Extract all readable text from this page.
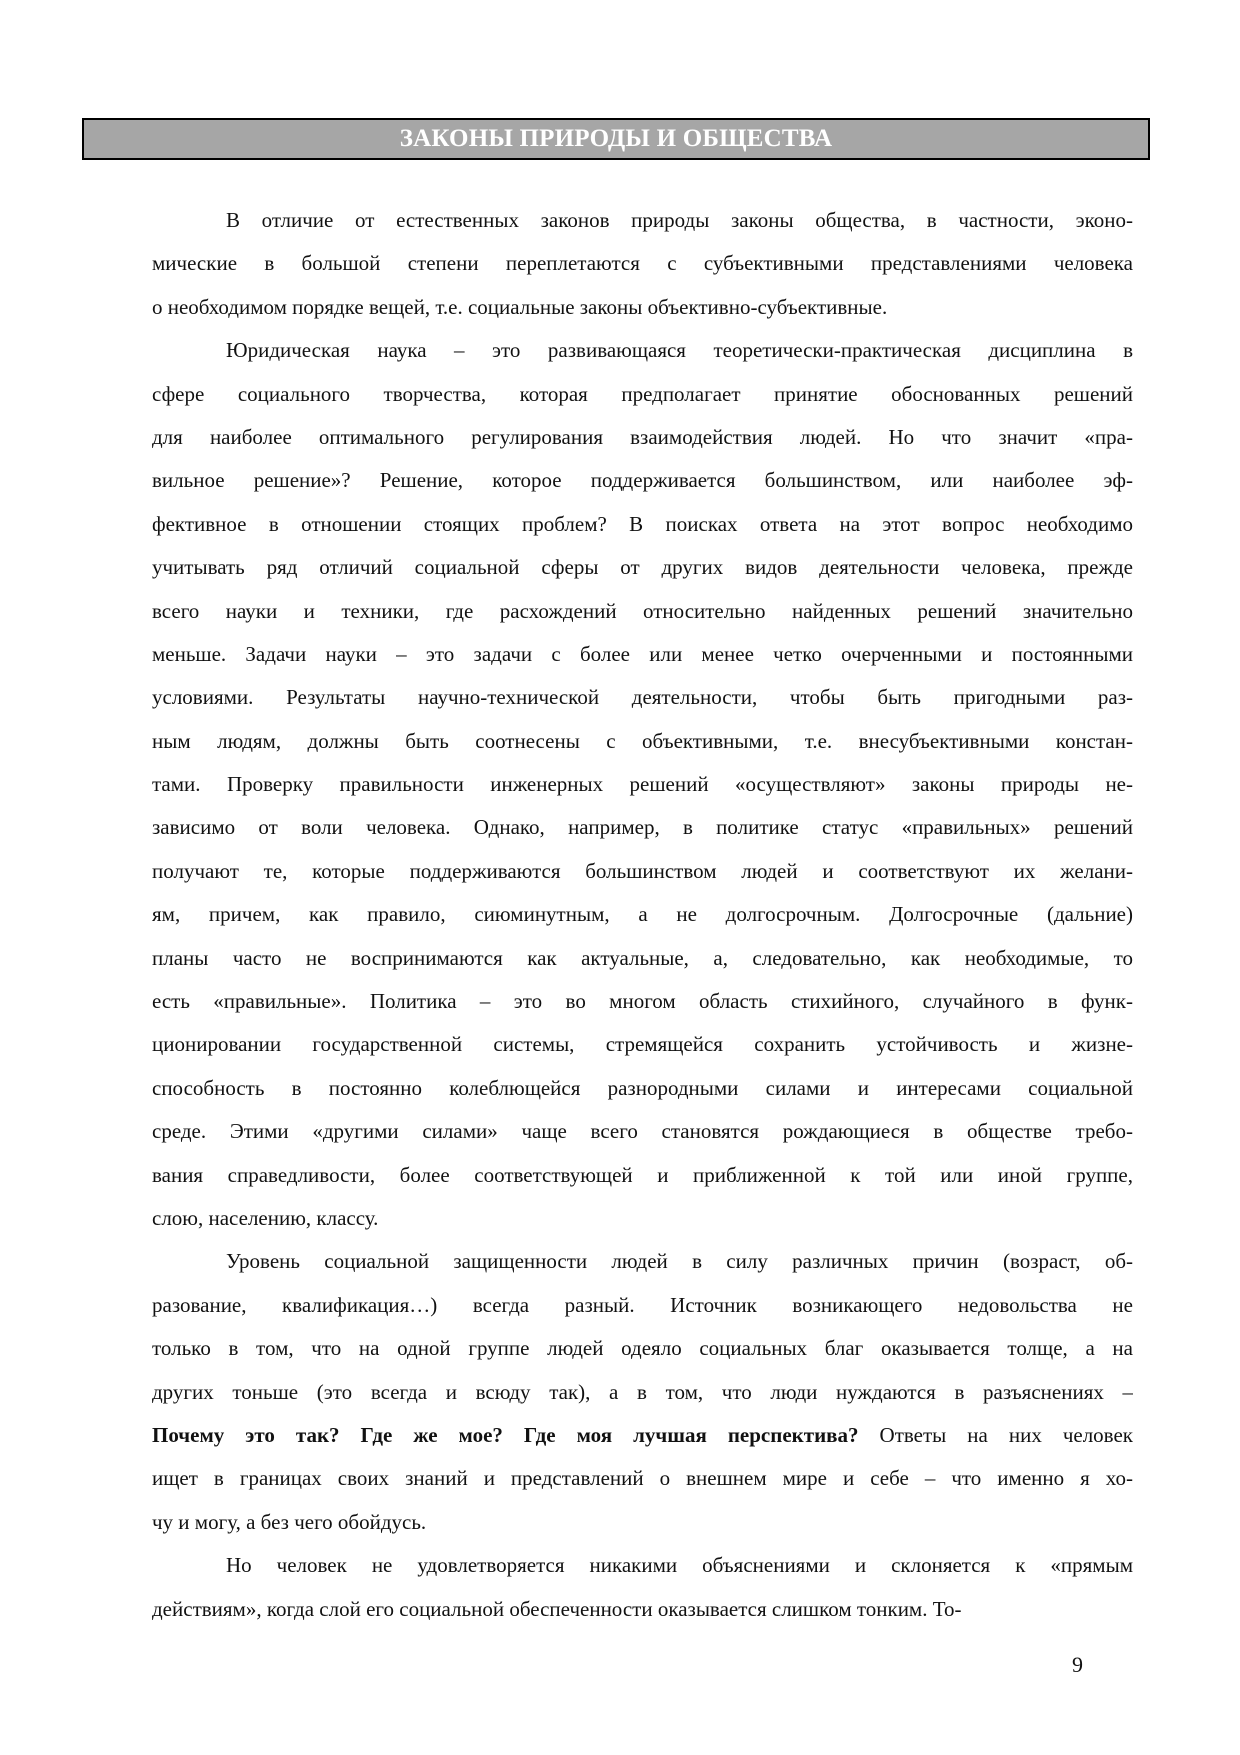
ЗАКОНЫ ПРИРОДЫ И ОБЩЕСТВА
В отличие от естественных законов природы законы общества, в частности, эконо-
мические в большой степени переплетаются с субъективными представлениями человека
о необходимом порядке вещей, т.е. социальные законы объективно-субъективные.
Юридическая наука – это развивающаяся теоретически-практическая дисциплина в
сфере социального творчества, которая предполагает принятие обоснованных решений
для наиболее оптимального регулирования взаимодействия людей. Но что значит «пра-
вильное решение»? Решение, которое поддерживается большинством, или наиболее эф-
фективное в отношении стоящих проблем? В поисках ответа на этот вопрос необходимо
учитывать ряд отличий социальной сферы от других видов деятельности человека, прежде
всего науки и техники, где расхождений относительно найденных решений значительно
меньше. Задачи науки – это задачи с более или менее четко очерченными и постоянными
условиями. Результаты научно-технической деятельности, чтобы быть пригодными раз-
ным людям, должны быть соотнесены с объективными, т.е. внесубъективными констан-
тами. Проверку правильности инженерных решений «осуществляют» законы природы не-
зависимо от воли человека. Однако, например, в политике статус «правильных» решений
получают те, которые поддерживаются большинством людей и соответствуют их желани-
ям, причем, как правило, сиюминутным, а не долгосрочным. Долгосрочные (дальние)
планы часто не воспринимаются как актуальные, а, следовательно, как необходимые, то
есть «правильные». Политика – это во многом область стихийного, случайного в функ-
ционировании государственной системы, стремящейся сохранить устойчивость и жизне-
способность в постоянно колеблющейся разнородными силами и интересами социальной
среде. Этими «другими силами» чаще всего становятся рождающиеся в обществе требо-
вания справедливости, более соответствующей и приближенной к той или иной группе,
слою, населению, классу.
Уровень социальной защищенности людей в силу различных причин (возраст, об-
разование, квалификация…) всегда разный. Источник возникающего недовольства не
только в том, что на одной группе людей одеяло социальных благ оказывается толще, а на
других тоньше (это всегда и всюду так), а в том, что люди нуждаются в разъяснениях –
Почему это так? Где же мое? Где моя лучшая перспектива? Ответы на них человек
ищет в границах своих знаний и представлений о внешнем мире и себе – что именно я хо-
чу и могу, а без чего обойдусь.
Но человек не удовлетворяется никакими объяснениями и склоняется к «прямым
действиям», когда слой его социальной обеспеченности оказывается слишком тонким. То-
9
